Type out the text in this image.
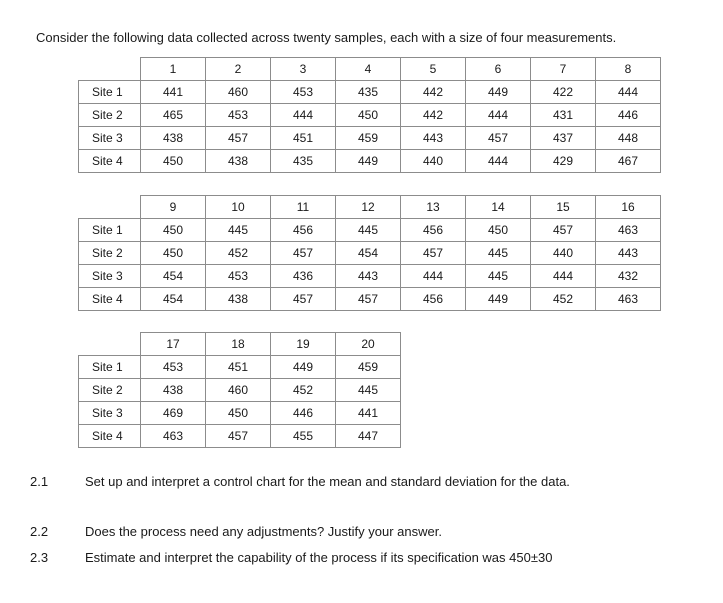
Consider the following data collected across twenty samples, each with a size of four measurements.
	1	2	3	4	5	6	7	8
Site 1	441	460	453	435	442	449	422	444
Site 2	465	453	444	450	442	444	431	446
Site 3	438	457	451	459	443	457	437	448
Site 4	450	438	435	449	440	444	429	467
	9	10	11	12	13	14	15	16
Site 1	450	445	456	445	456	450	457	463
Site 2	450	452	457	454	457	445	440	443
Site 3	454	453	436	443	444	445	444	432
Site 4	454	438	457	457	456	449	452	463
	17	18	19	20
Site 1	453	451	449	459
Site 2	438	460	452	445
Site 3	469	450	446	441
Site 4	463	457	455	447
2.1	Set up and interpret a control chart for the mean and standard deviation for the data.
2.2	Does the process need any adjustments? Justify your answer.
2.3	Estimate and interpret the capability of the process if its specification was 450±30
